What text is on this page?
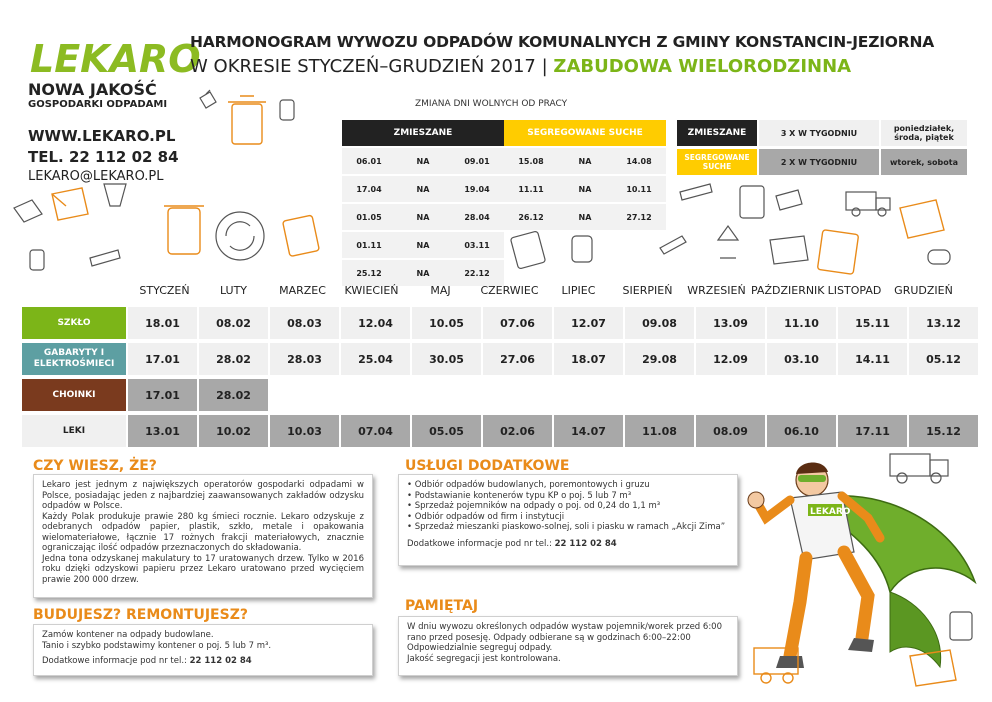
LEKARO
NOWA JAKOŚĆ
GOSPODARKI ODPADAMI
WWW.LEKARO.PL
TEL. 22 112 02 84
LEKARO@LEKARO.PL
HARMONOGRAM WYWOZU ODPADÓW KOMUNALNYCH Z GMINY KONSTANCIN-JEZIORNA
W OKRESIE STYCZEŃ–GRUDZIEŃ 2017 | ZABUDOWA WIELORODZINNA
ZMIANA DNI WOLNYCH OD PRACY
ZMIESZANE	SEGREGOWANE SUCHE
06.01	NA	09.01	15.08	NA	14.08
17.04	NA	19.04	11.11	NA	10.11
01.05	NA	28.04	26.12	NA	27.12
01.11	NA	03.11
25.12	NA	22.12
ZMIESZANE	3 X W TYGODNIU	poniedziałek, środa, piątek
SEGREGOWANE SUCHE	2 X W TYGODNIU	wtorek, sobota
STYCZEŃ	LUTY	MARZEC	KWIECIEŃ	MAJ	CZERWIEC	LIPIEC	SIERPIEŃ	WRZESIEŃ PAŹDZIERNIK LISTOPAD	GRUDZIEŃ
SZKŁO	18.01	08.02	08.03	12.04	10.05	07.06	12.07	09.08	13.09	11.10	15.11	13.12
GABARYTY I ELEKTROŚMIECI	17.01	28.02	28.03	25.04	30.05	27.06	18.07	29.08	12.09	03.10	14.11	05.12
CHOINKI	17.01	28.02
LEKI	13.01	10.02	10.03	07.04	05.05	02.06	14.07	11.08	08.09	06.10	17.11	15.12
CZY WIESZ, ŻE?

Lekaro jest jednym z największych operatorów gospodarki odpadami w Polsce, posiadając jeden z najbardziej zaawansowanych zakładów odzysku odpadów w Polsce.

Każdy Polak produkuje prawie 280 kg śmieci rocznie. Lekaro odzyskuje z odebranych odpadów papier, plastik, szkło, metale i opakowania wielomateriałowe, łącznie 17 rożnych frakcji materiałowych, znacznie ograniczając ilość odpadów przeznaczonych do składowania.

Jedna tona odzyskanej makulatury to 17 uratowanych drzew. Tylko w 2016 roku dzięki odzyskowi papieru przez Lekaro uratowano przed wycięciem prawie 200 000 drzew.

BUDUJESZ? REMONTUJESZ?

Zamów kontener na odpady budowlane.

Tanio i szybko podstawimy kontener o poj. 5 lub 7 m³.

Dodatkowe informacje pod nr tel.: 22 112 02 84

USŁUGI DODATKOWE
• Odbiór odpadów budowlanych, poremontowych i gruzu
• Podstawianie kontenerów typu KP o poj. 5 lub 7 m³
• Sprzedaż pojemników na odpady o poj. od 0,24 do 1,1 m³
• Odbiór odpadów od firm i instytucji
• Sprzedaż mieszanki piaskowo-solnej, soli i piasku w ramach „Akcji Zima”

Dodatkowe informacje pod nr tel.: 22 112 02 84

PAMIĘTAJ

W dniu wywozu określonych odpadów wystaw pojemnik/worek przed 6:00 rano przed posesję. Odpady odbierane są w godzinach 6:00–22:00

Odpowiedzialnie segreguj odpady.

Jakość segregacji jest kontrolowana.

LEKARO
